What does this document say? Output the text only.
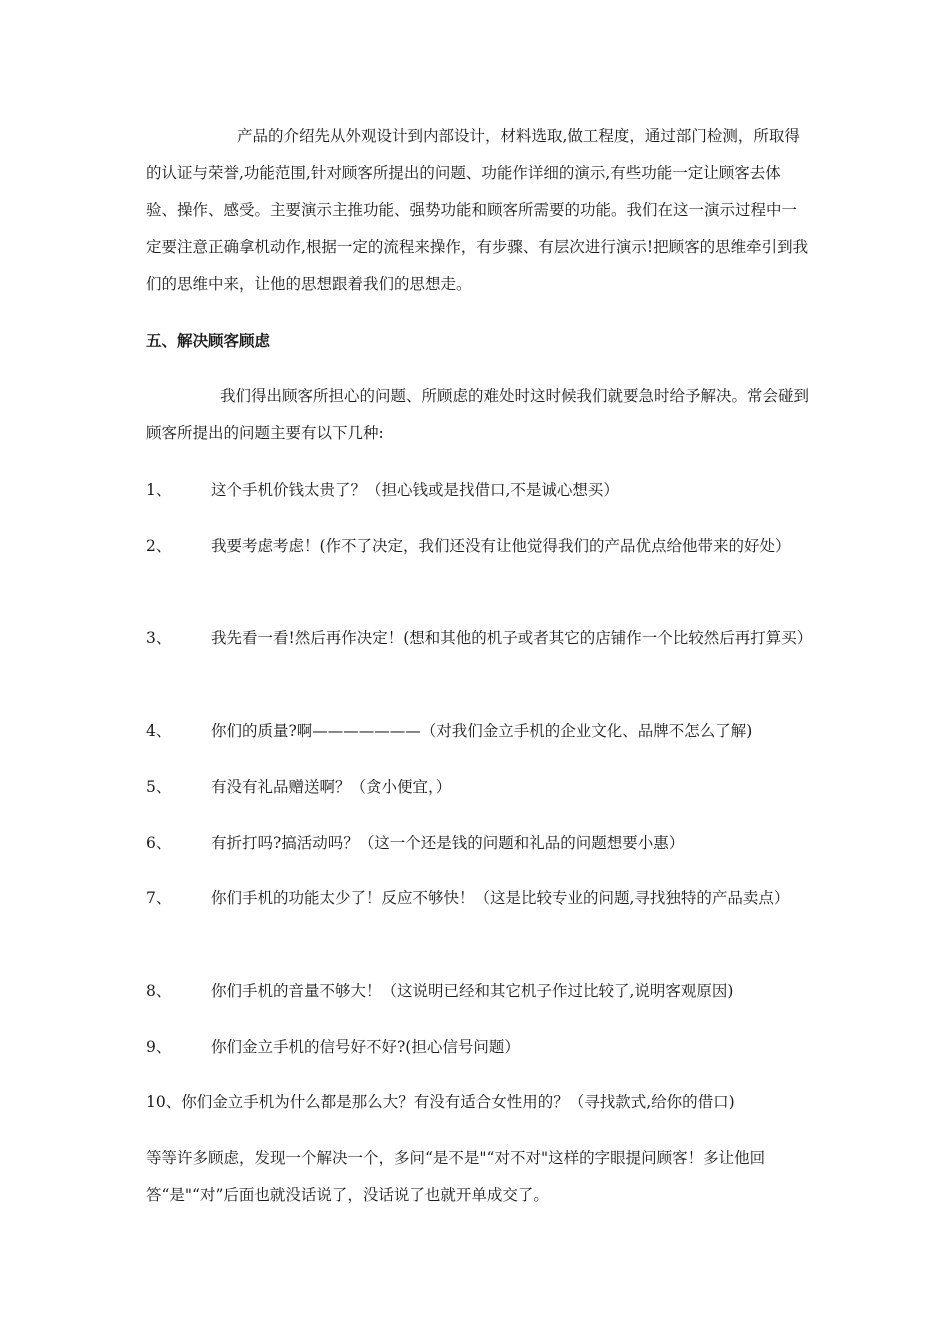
产品的介绍先从外观设计到内部设计，材料选取,做工程度，通过部门检测，所取得的认证与荣誉,功能范围,针对顾客所提出的问题、功能作详细的演示,有些功能一定让顾客去体验、操作、感受。主要演示主推功能、强势功能和顾客所需要的功能。我们在这一演示过程中一定要注意正确拿机动作,根据一定的流程来操作，有步骤、有层次进行演示!把顾客的思维牵引到我们的思维中来，让他的思想跟着我们的思想走。

五、解决顾客顾虑

我们得出顾客所担心的问题、所顾虑的难处时这时候我们就要急时给予解决。常会碰到顾客所提出的问题主要有以下几种:

1、	这个手机价钱太贵了？（担心钱或是找借口,不是诚心想买）
2、	我要考虑考虑！(作不了决定，我们还没有让他觉得我们的产品优点给他带来的好处）
3、	我先看一看!然后再作决定！(想和其他的机子或者其它的店铺作一个比较然后再打算买）
4、	你们的质量?啊———————（对我们金立手机的企业文化、品牌不怎么了解)
5、	有没有礼品赠送啊？（贪小便宜，）
6、	有折打吗?搞活动吗？（这一个还是钱的问题和礼品的问题想要小惠）
7、	你们手机的功能太少了！反应不够快！（这是比较专业的问题,寻找独特的产品卖点）
8、	你们手机的音量不够大！（这说明已经和其它机子作过比较了,说明客观原因)
9、	你们金立手机的信号好不好?(担心信号问题）

10、你们金立手机为什么都是那么大？有没有适合女性用的？（寻找款式,给你的借口)

等等许多顾虑，发现一个解决一个，多问“是不是"“对不对"这样的字眼提问顾客！多让他回答“是"“对”后面也就没话说了，没话说了也就开单成交了。
